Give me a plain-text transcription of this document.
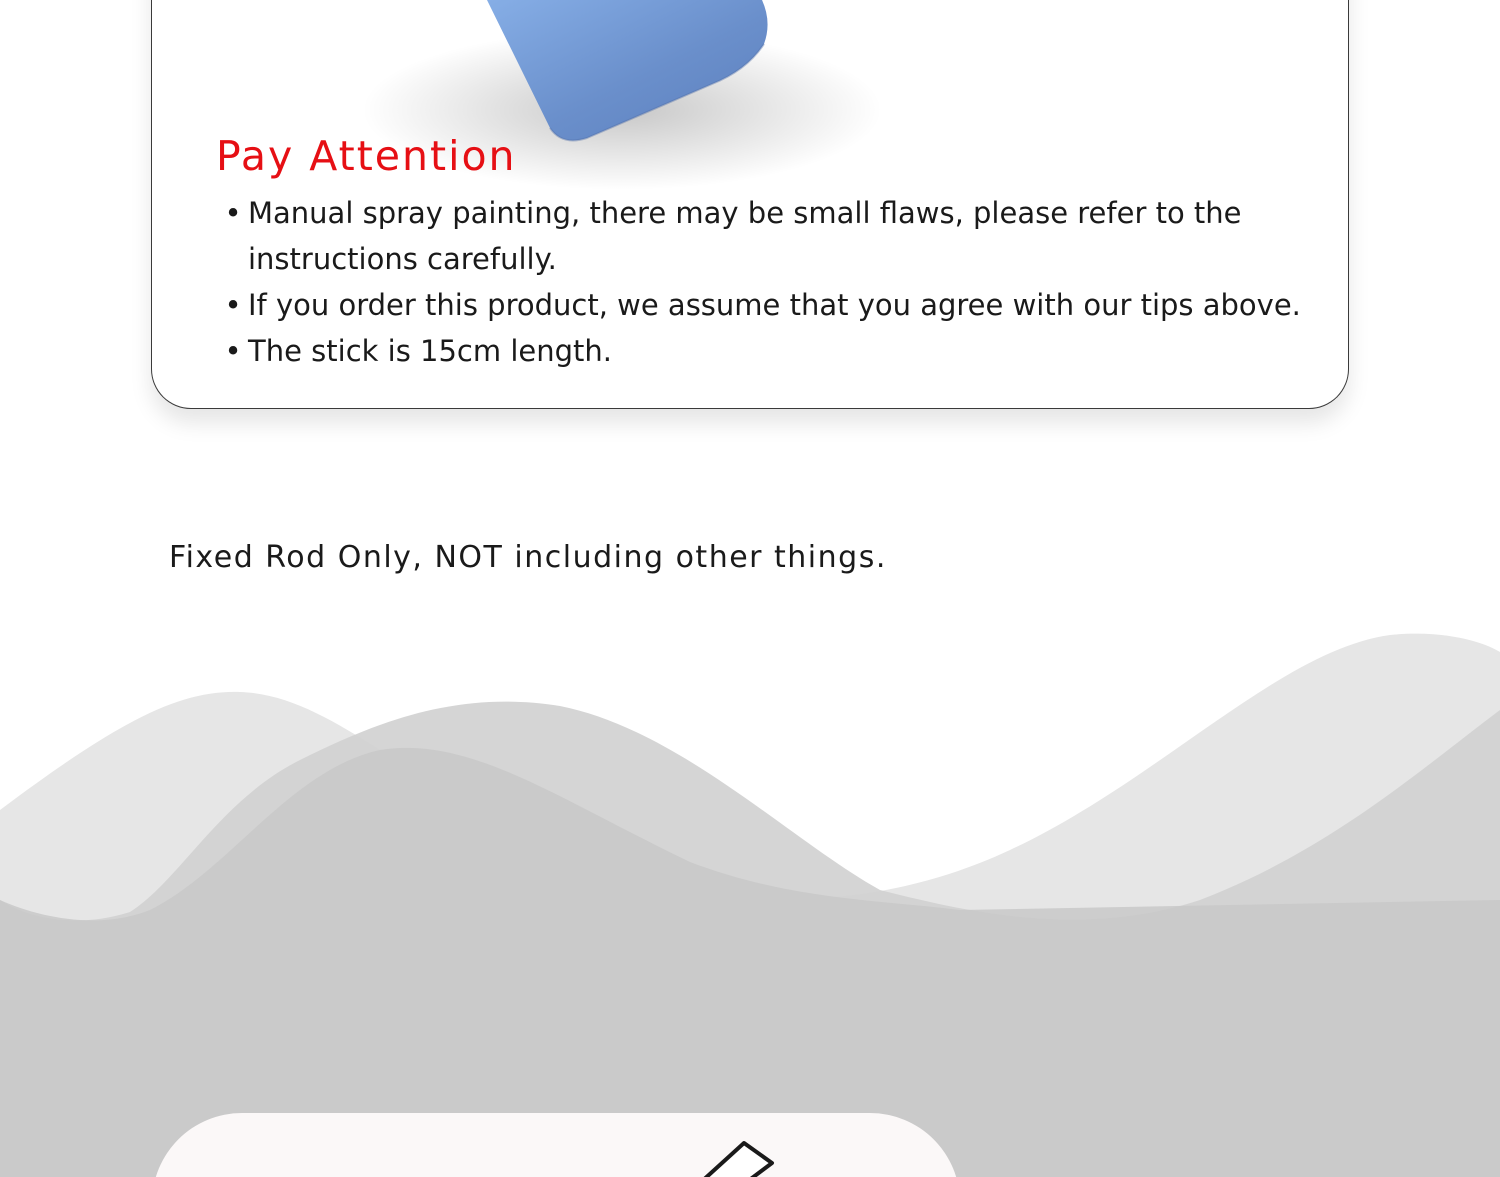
Pay Attention
• Manual spray painting, there may be small flaws, please refer to the instructions carefully.
• If you order this product, we assume that you agree with our tips above.
• The stick is 15cm length.

Fixed Rod Only, NOT including other things.
